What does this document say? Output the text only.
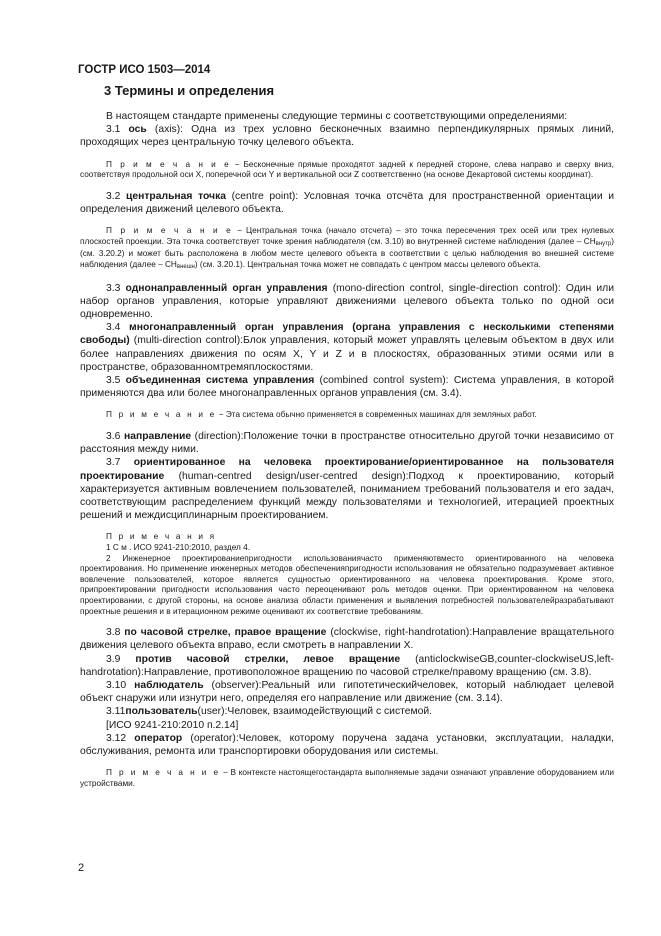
ГОСТР ИСО 1503—2014
3 Термины и определения

В настоящем стандарте применены следующие термины с соответствующими определениями:

3.1 ось (axis): Одна из трех условно бесконечных взаимно перпендикулярных прямых линий, проходящих через центральную точку целевого объекта.

П р и м е ч а н и е − Бесконечные прямые проходятот задней к передней стороне, слева направо и сверху вниз, соответствуя продольной оси X, поперечной оси Y и вертикальной оси Z соответственно (на основе Декартовой системы координат).

3.2 центральная точка (centre point): Условная точка отсчёта для пространственной ориентации и определения движений целевого объекта.

П р и м е ч а н и е − Центральная точка (начало отсчета) – это точка пересечения трех осей или трех нулевых плоскостей проекции. Эта точка соответствует точке зрения наблюдателя (см. 3.10) во внутренней системе наблюдения (далее – $СН_{внутр}$) (см. 3.20.2) и может быть расположена в любом месте целевого объекта в соответствии с целью наблюдения во внешней системе наблюдения (далее – $СН_{внешн}$) (см. 3.20.1). Центральная точка может не совпадать с центром массы целевого объекта.

3.3 однонаправленный орган управления (mono-direction control, single-direction control): Один или набор органов управления, которые управляют движениями целевого объекта только по одной оси одновременно.

3.4 многонаправленный орган управления (органа управления с несколькими степенями свободы) (multi-direction control):Блок управления, который может управлять целевым объектом в двух или более направлениях движения по осям X, Y и Z и в плоскостях, образованных этими осями или в пространстве, образованномтремяплоскостями.

3.5 объединенная система управления (combined control system): Система управления, в которой применяются два или более многонаправленных органов управления (см. 3.4).

П р и м е ч а н и е − Эта система обычно применяется в современных машинах для земляных работ.

3.6 направление (direction):Положение точки в пространстве относительно другой точки независимо от расстояния между ними.

3.7 ориентированное на человека проектирование/ориентированное на пользователя проектирование (human-centred design/user-centred design):Подход к проектированию, который характеризуется активным вовлечением пользователей, пониманием требований пользователя и его задач, соответствующим распределением функций между пользователями и технологией, итерацией проектных решений и междисциплинарным проектированием.

П р и м е ч а н и я

1 С м . ИСО 9241-210:2010, раздел 4.

2 Инженерное проектированиепригодности использованиячасто применяютвместо ориентированного на человека проектирования. Но применение инженерных методов обеспеченияпригодности использования не обязательно подразумевает активное вовлечение пользователей, которое является сущностью ориентированного на человека проектирования. Кроме этого, припроектировании пригодности использования часто переоценивают роль методов оценки. При ориентированном на человека проектировании, с другой стороны, на основе анализа области применения и выявления потребностей пользователейразрабатывают проектные решения и в итерационном режиме оценивают их соответствие требованиям.

3.8 по часовой стрелке, правое вращение (clockwise, right-handrotation):Направление вращательного движения целевого объекта вправо, если смотреть в направлении X.

3.9 против часовой стрелки, левое вращение (anticlockwiseGB,counter-clockwiseUS,left-handrotation):Направление, противоположное вращению по часовой стрелке/правому вращению (см. 3.8).

3.10 наблюдатель (observer):Реальный или гипотетическийчеловек, который наблюдает целевой объект снаружи или изнутри него, определяя его направление или движение (см. 3.14).

3.11пользователь(user):Человек, взаимодействующий с системой.

[ИСО 9241-210:2010 п.2.14]

3.12 оператор (operator):Человек, которому поручена задача установки, эксплуатации, наладки, обслуживания, ремонта или транспортировки оборудования или системы.

П р и м е ч а н и е − В контексте настоящегостандарта выполняемые задачи означают управление оборудованием или устройствами.

2
